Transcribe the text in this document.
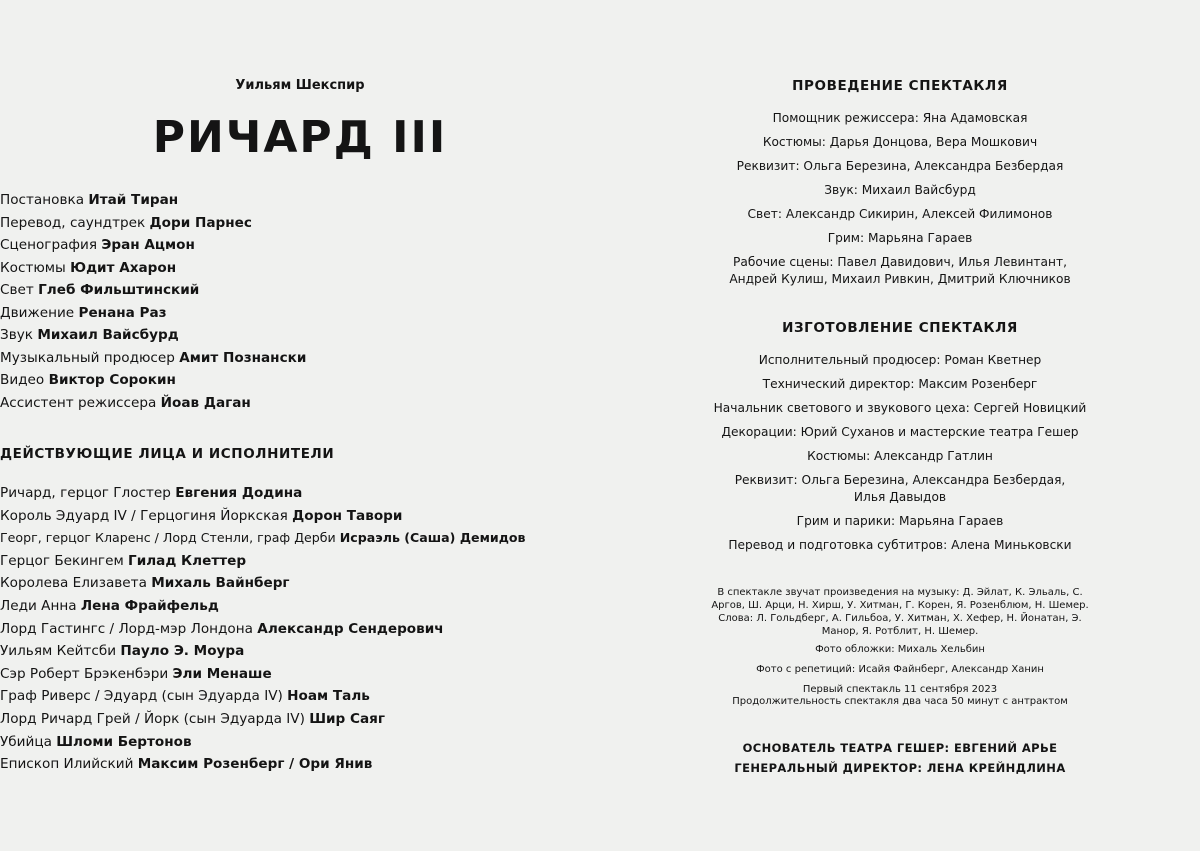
Уильям Шекспир
РИЧАРД III
Постановка Итай Тиран
Перевод, саундтрек Дори Парнес
Сценография Эран Ацмон
Костюмы Юдит Ахарон
Свет Глеб Фильштинский
Движение Ренана Раз
Звук Михаил Вайсбурд
Музыкальный продюсер Амит Познански
Видео Виктор Сорокин
Ассистент режиссера Йоав Даган
ДЕЙСТВУЮЩИЕ ЛИЦА И ИСПОЛНИТЕЛИ
Ричард, герцог Глостер Евгения Додина
Король Эдуард IV / Герцогиня Йоркская Дорон Тавори
Георг, герцог Кларенс / Лорд Стенли, граф Дерби Исраэль (Саша) Демидов
Герцог Бекингем Гилад Клеттер
Королева Елизавета Михаль Вайнберг
Леди Анна Лена Фрайфельд
Лорд Гастингс / Лорд-мэр Лондона Александр Сендерович
Уильям Кейтсби Пауло Э. Моура
Сэр Роберт Брэкенбэри Эли Менаше
Граф Риверс / Эдуард (сын Эдуарда IV) Ноам Таль
Лорд Ричард Грей / Йорк (сын Эдуарда IV) Шир Саяг
Убийца Шломи Бертонов
Епископ Илийский Максим Розенберг / Ори Янив
ПРОВЕДЕНИЕ СПЕКТАКЛЯ
Помощник режиссера: Яна Адамовская
Костюмы: Дарья Донцова, Вера Мошкович
Реквизит: Ольга Березина, Александра Безбердая
Звук: Михаил Вайсбурд
Свет: Александр Сикирин, Алексей Филимонов
Грим: Марьяна Гараев
Рабочие сцены: Павел Давидович, Илья Левинтант,
Андрей Кулиш, Михаил Ривкин, Дмитрий Ключников
ИЗГОТОВЛЕНИЕ СПЕКТАКЛЯ
Исполнительный продюсер: Роман Кветнер
Технический директор: Максим Розенберг
Начальник светового и звукового цеха: Сергей Новицкий
Декорации: Юрий Суханов и мастерские театра Гешер
Костюмы: Александр Гатлин
Реквизит: Ольга Березина, Александра Безбердая,
Илья Давыдов
Грим и парики: Марьяна Гараев
Перевод и подготовка субтитров: Алена Миньковски
В спектакле звучат произведения на музыку: Д. Эйлат, К. Эльаль, С. Аргов, Ш. Арци, Н. Хирш, У. Хитман, Г. Корен, Я. Розенблюм, Н. Шемер. Слова: Л. Гольдберг, А. Гильбоа, У. Хитман, Х. Хефер, Н. Йонатан, Э. Манор, Я. Ротблит, Н. Шемер.
Фото обложки: Михаль Хельбин
Фото с репетиций: Исайя Файнберг, Александр Ханин
Первый спектакль 11 сентября 2023
Продолжительность спектакля два часа 50 минут с антрактом
ОСНОВАТЕЛЬ ТЕАТРА ГЕШЕР: ЕВГЕНИЙ АРЬЕ
ГЕНЕРАЛЬНЫЙ ДИРЕКТОР: ЛЕНА КРЕЙНДЛИНА
